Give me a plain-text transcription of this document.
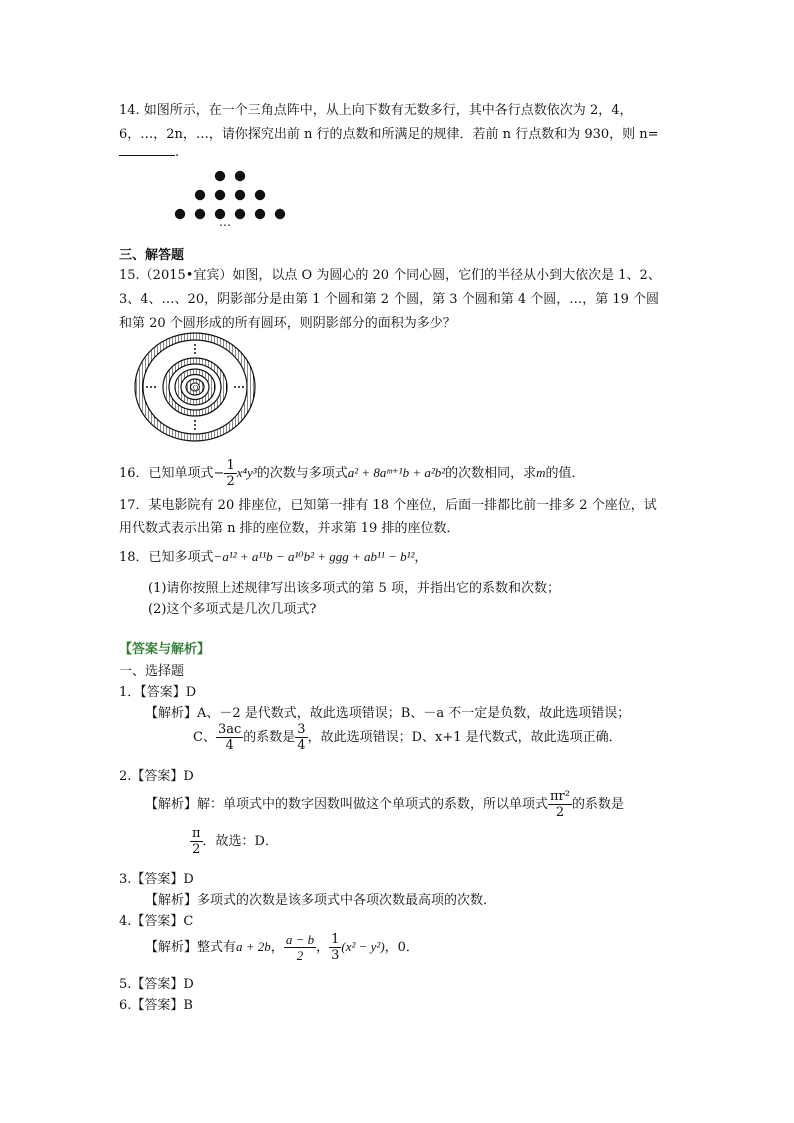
14. 如图所示，在一个三角点阵中，从上向下数有无数多行，其中各行点数依次为 2，4，
6，…，2n，…，请你探究出前 n 行的点数和所满足的规律．若前 n 行点数和为 930，则 n=
.
…
三、解答题
15.（2015•宜宾）如图，以点 O 为圆心的 20 个同心圆，它们的半径从小到大依次是 1、2、
3、4、…、20，阴影部分是由第 1 个圆和第 2 个圆，第 3 个圆和第 4 个圆，…，第 19 个圆
和第 20 个圆形成的所有圆环，则阴影部分的面积为多少？
O
16．已知单项式− $\frac{1}{2} x^4y^3$的次数与多项式a² + 8aᵐ⁺¹b + a²b²的次数相同，求m的值．
17．某电影院有 20 排座位，已知第一排有 18 个座位，后面一排都比前一排多 2 个座位，试
用代数式表示出第 n 排的座位数，并求第 19 排的座位数．
18．已知多项式−a¹² + a¹¹b − a¹⁰b² + ggg + ab¹¹ − b¹²，
(1)请你按照上述规律写出该多项式的第 5 项，并指出它的系数和次数；
(2)这个多项式是几次几项式?
【答案与解析】
一、选择题
1．【答案】D
【解析】A、－2 是代数式，故此选项错误；B、－a 不一定是负数，故此选项错误；
C、 $\frac{3ac}{4}$ 的系数是 $\frac{3}{4}$ ，故此选项错误；D、x+1 是代数式，故此选项正确．
2.【答案】D
【解析】解：单项式中的数字因数叫做这个单项式的系数，所以单项式 $\frac{\text{πr²}}{2}$ 的系数是
$\frac{\pi}{2}$ ．故选：D．
3.【答案】D
【解析】多项式的次数是该多项式中各项次数最高项的次数．
4.【答案】C
【解析】整式有a + 2b， $\frac{a - b}{2}$ ， $\frac{1}{3} (x^2 - y^2)$，0．
5.【答案】D
6.【答案】B
